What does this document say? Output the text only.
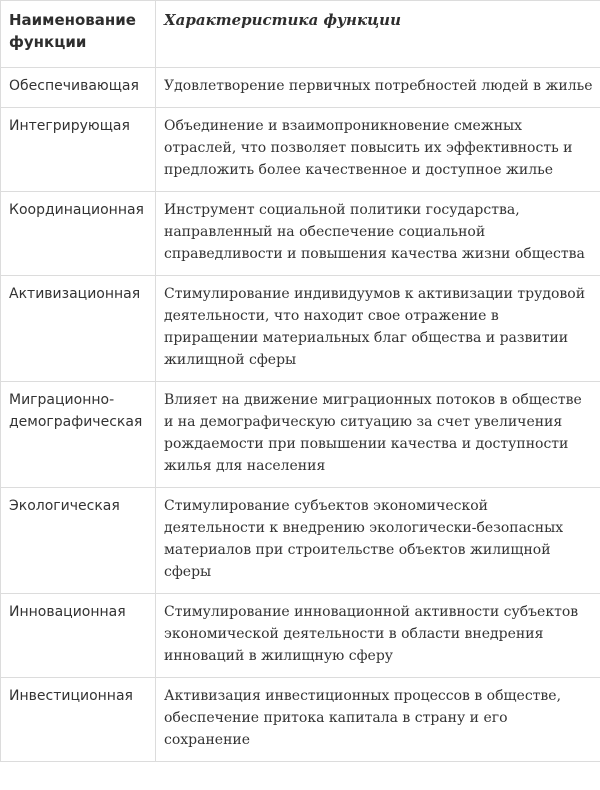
Наименование функции	Характеристика функции
Обеспечивающая	Удовлетворение первичных потребностей людей в жилье
Интегрирующая	Объединение и взаимопроникновение смежных отраслей, что позволяет повысить их эффективность и предложить более качественное и доступное жилье
Координационная	Инструмент социальной политики государства, направленный на обеспечение социальной справедливости и повышения качества жизни общества
Активизационная	Стимулирование индивидуумов к активизации трудовой деятельности, что находит свое отражение в приращении материальных благ общества и развитии жилищной сферы
Миграционно-демографическая	Влияет на движение миграционных потоков в обществе и на демографическую ситуацию за счет увеличения рождаемости при повышении качества и доступности жилья для населения
Экологическая	Стимулирование субъектов экономической деятельности к внедрению экологически-безопасных материалов при строительстве объектов жилищной сферы
Инновационная	Стимулирование инновационной активности субъектов экономической деятельности в области внедрения инноваций в жилищную сферу
Инвестиционная	Активизация инвестиционных процессов в обществе, обеспечение притока капитала в страну и его сохранение
